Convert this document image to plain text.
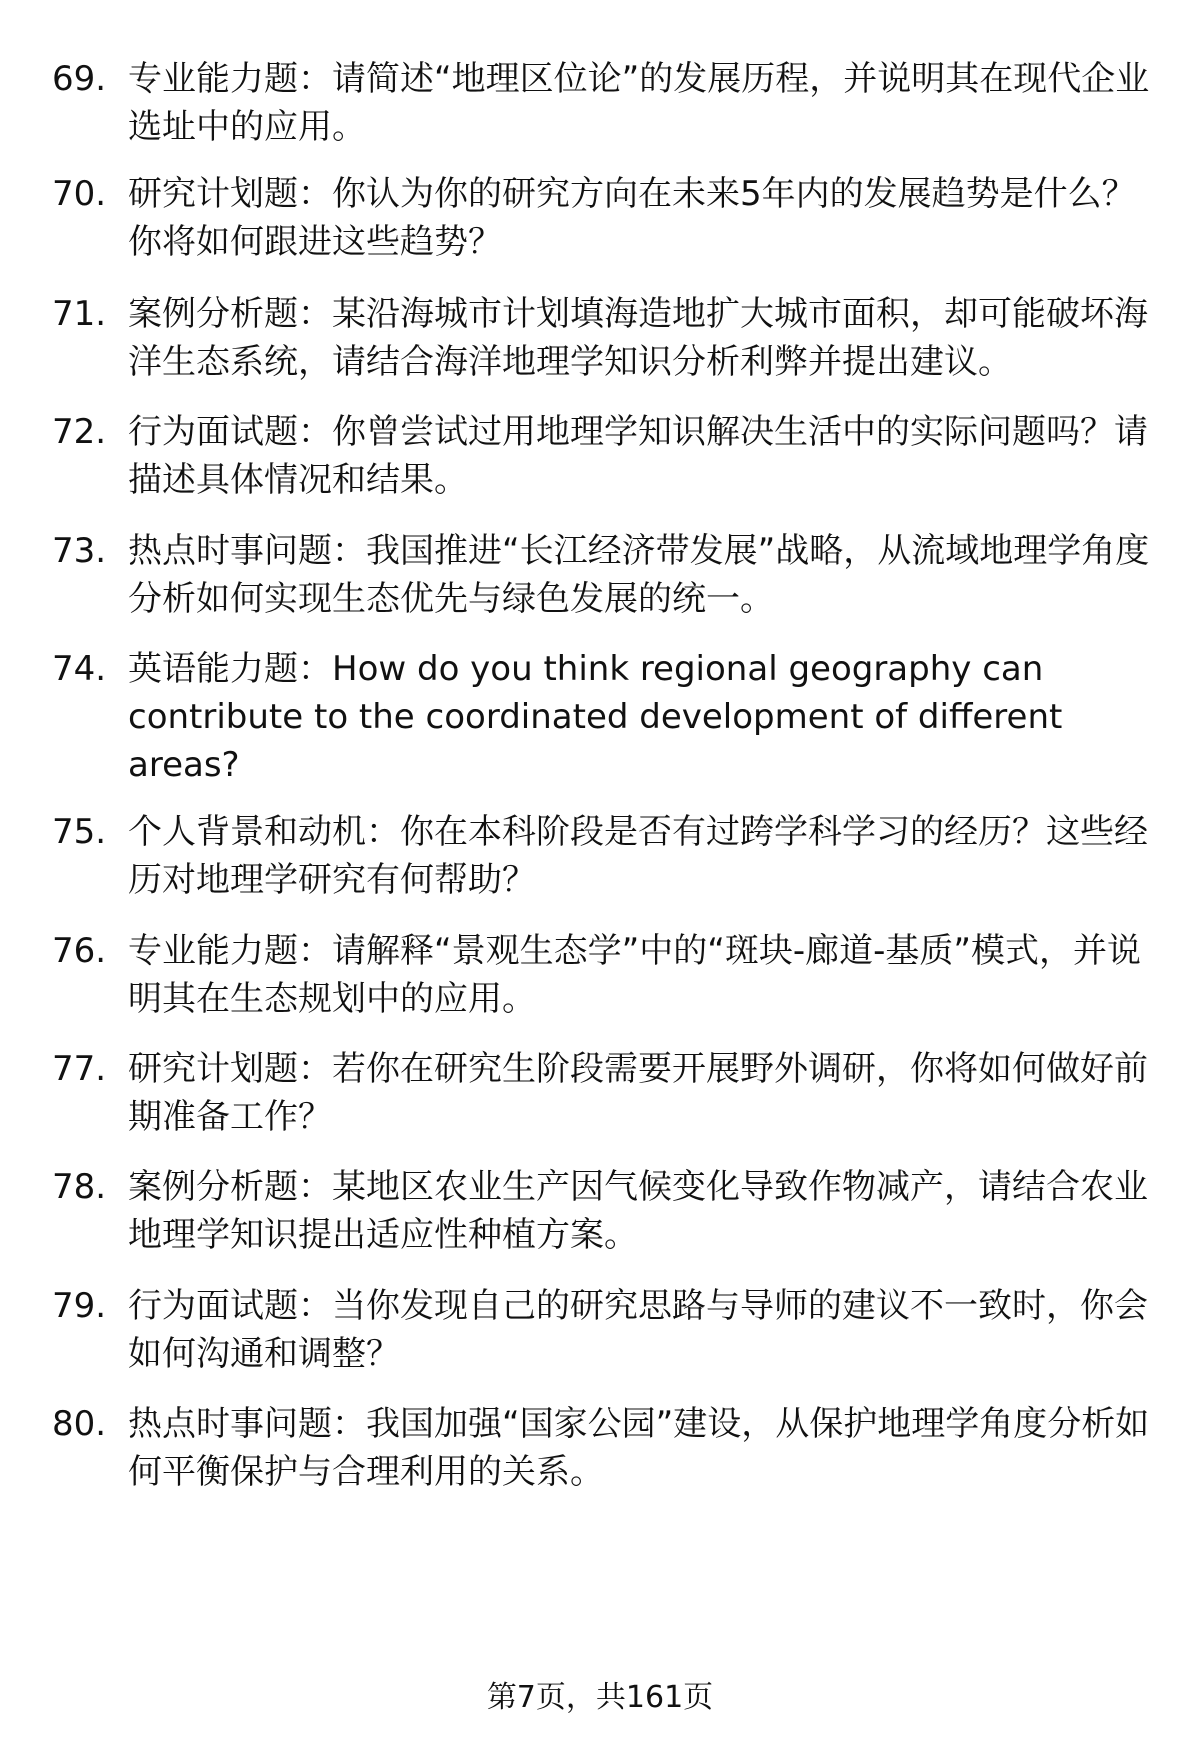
69. 专业能力题：请简述“地理区位论”的发展历程，并说明其在现代企业选址中的应用。
70. 研究计划题：你认为你的研究方向在未来5年内的发展趋势是什么？你将如何跟进这些趋势？
71. 案例分析题：某沿海城市计划填海造地扩大城市面积，却可能破坏海洋生态系统，请结合海洋地理学知识分析利弊并提出建议。
72. 行为面试题：你曾尝试过用地理学知识解决生活中的实际问题吗？请描述具体情况和结果。
73. 热点时事问题：我国推进“长江经济带发展”战略，从流域地理学角度分析如何实现生态优先与绿色发展的统一。
74. 英语能力题：How do you think regional geography can contribute to the coordinated development of different areas?
75. 个人背景和动机：你在本科阶段是否有过跨学科学习的经历？这些经历对地理学研究有何帮助？
76. 专业能力题：请解释“景观生态学”中的“斑块-廊道-基质”模式，并说明其在生态规划中的应用。
77. 研究计划题：若你在研究生阶段需要开展野外调研，你将如何做好前期准备工作？
78. 案例分析题：某地区农业生产因气候变化导致作物减产，请结合农业地理学知识提出适应性种植方案。
79. 行为面试题：当你发现自己的研究思路与导师的建议不一致时，你会如何沟通和调整？
80. 热点时事问题：我国加强“国家公园”建设，从保护地理学角度分析如何平衡保护与合理利用的关系。
第7页，共161页
